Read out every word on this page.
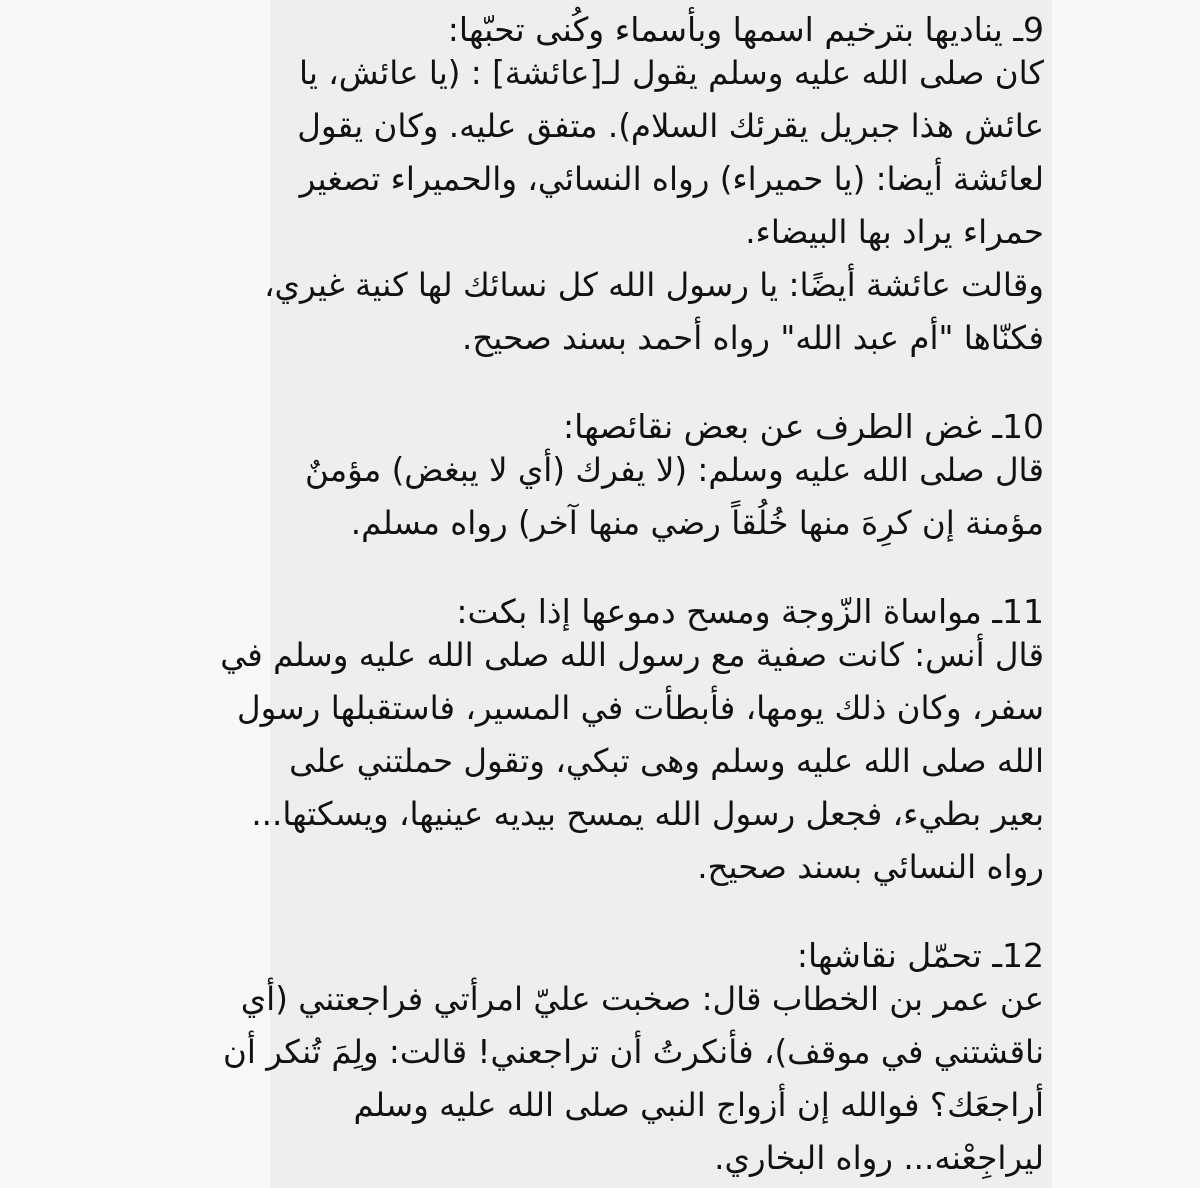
9ـ يناديها بترخيم اسمها وبأسماء وكُنى تحبّها:

كان صلى الله عليه وسلم يقول لـ[عائشة] : (يا عائش، يا

عائش هذا جبريل يقرئك السلام). متفق عليه. وكان يقول

لعائشة أيضا: (يا حميراء) رواه النسائي، والحميراء تصغير

حمراء يراد بها البيضاء.

وقالت عائشة أيضًا: يا رسول الله كل نسائك لها كنية غيري،

فكنّاها "أم عبد الله" رواه أحمد بسند صحيح.

10ـ غض الطرف عن بعض نقائصها:

قال صلى الله عليه وسلم: (لا يفرك (أي لا يبغض) مؤمنٌ

مؤمنة إن كرِهَ منها خُلُقاً رضي منها آخر) رواه مسلم.

11ـ مواساة الزّوجة ومسح دموعها إذا بكت:

قال أنس: كانت صفية مع رسول الله صلى الله عليه وسلم في

سفر، وكان ذلك يومها، فأبطأت في المسير، فاستقبلها رسول

الله صلى الله عليه وسلم وهى تبكي، وتقول حملتني على

بعير بطيء، فجعل رسول الله يمسح بيديه عينيها، ويسكتها...

رواه النسائي بسند صحيح.

12ـ تحمّل نقاشها:

عن عمر بن الخطاب قال: صخبت عليّ امرأتي فراجعتني (أي

ناقشتني في موقف)، فأنكرتُ أن تراجعني! قالت: ولِمَ تُنكر أن

أراجعَك؟ فوالله إن أزواج النبي صلى الله عليه وسلم

ليراجِعْنه... رواه البخاري.
